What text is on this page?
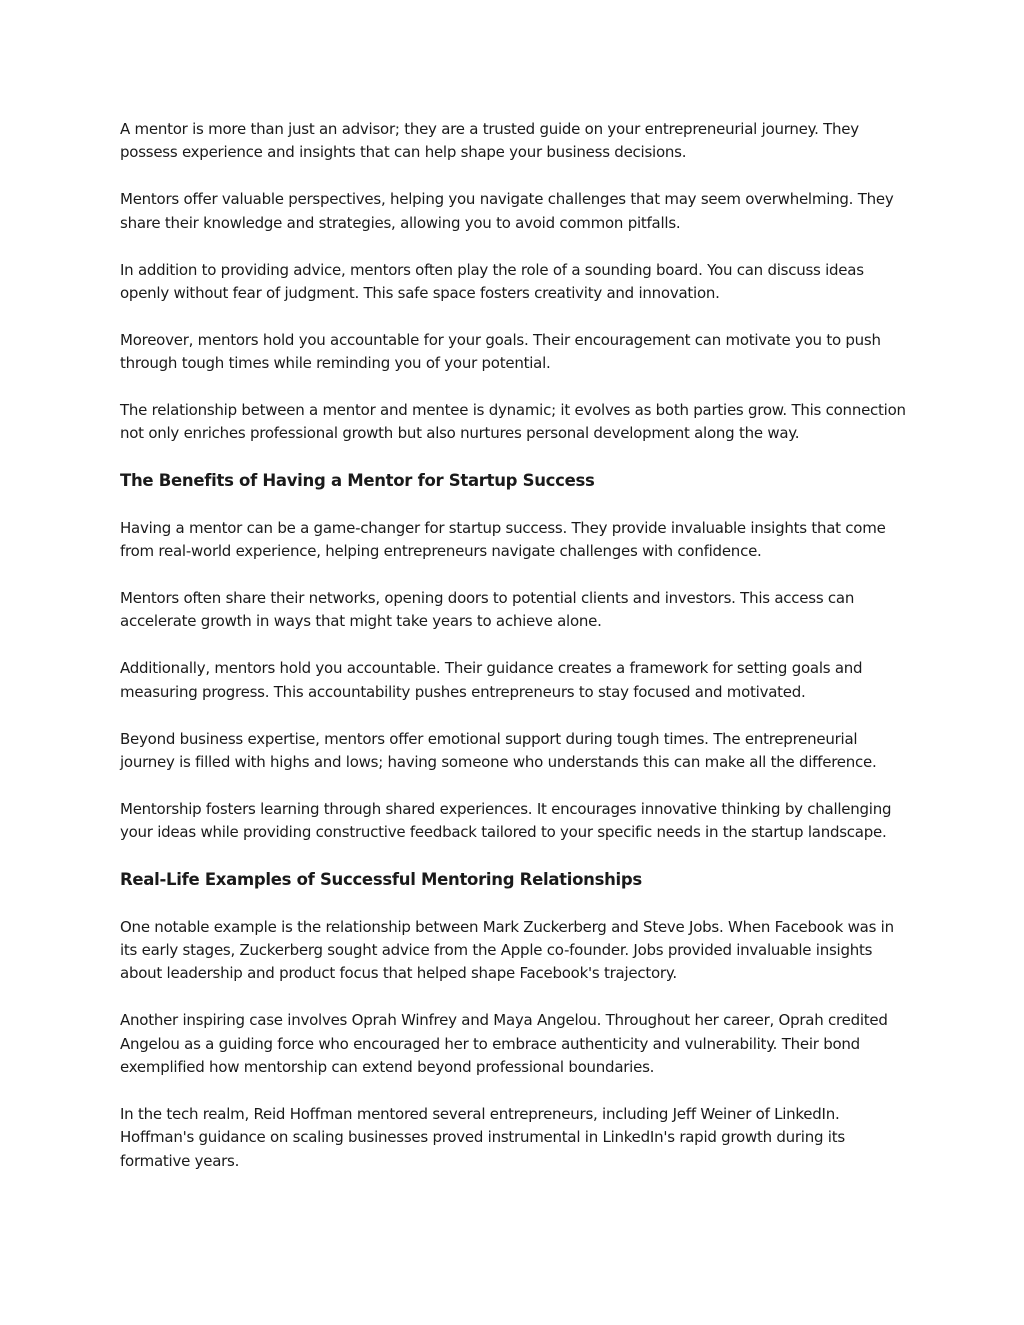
A mentor is more than just an advisor; they are a trusted guide on your entrepreneurial journey. They possess experience and insights that can help shape your business decisions.

Mentors offer valuable perspectives, helping you navigate challenges that may seem overwhelming. They share their knowledge and strategies, allowing you to avoid common pitfalls.

In addition to providing advice, mentors often play the role of a sounding board. You can discuss ideas openly without fear of judgment. This safe space fosters creativity and innovation.

Moreover, mentors hold you accountable for your goals. Their encouragement can motivate you to push through tough times while reminding you of your potential.

The relationship between a mentor and mentee is dynamic; it evolves as both parties grow. This connection not only enriches professional growth but also nurtures personal development along the way.

The Benefits of Having a Mentor for Startup Success

Having a mentor can be a game-changer for startup success. They provide invaluable insights that come from real-world experience, helping entrepreneurs navigate challenges with confidence.

Mentors often share their networks, opening doors to potential clients and investors. This access can accelerate growth in ways that might take years to achieve alone.

Additionally, mentors hold you accountable. Their guidance creates a framework for setting goals and measuring progress. This accountability pushes entrepreneurs to stay focused and motivated.

Beyond business expertise, mentors offer emotional support during tough times. The entrepreneurial journey is filled with highs and lows; having someone who understands this can make all the difference.

Mentorship fosters learning through shared experiences. It encourages innovative thinking by challenging your ideas while providing constructive feedback tailored to your specific needs in the startup landscape.

Real-Life Examples of Successful Mentoring Relationships

One notable example is the relationship between Mark Zuckerberg and Steve Jobs. When Facebook was in its early stages, Zuckerberg sought advice from the Apple co-founder. Jobs provided invaluable insights about leadership and product focus that helped shape Facebook's trajectory.

Another inspiring case involves Oprah Winfrey and Maya Angelou. Throughout her career, Oprah credited Angelou as a guiding force who encouraged her to embrace authenticity and vulnerability. Their bond exemplified how mentorship can extend beyond professional boundaries.

In the tech realm, Reid Hoffman mentored several entrepreneurs, including Jeff Weiner of LinkedIn. Hoffman's guidance on scaling businesses proved instrumental in LinkedIn's rapid growth during its formative years.
